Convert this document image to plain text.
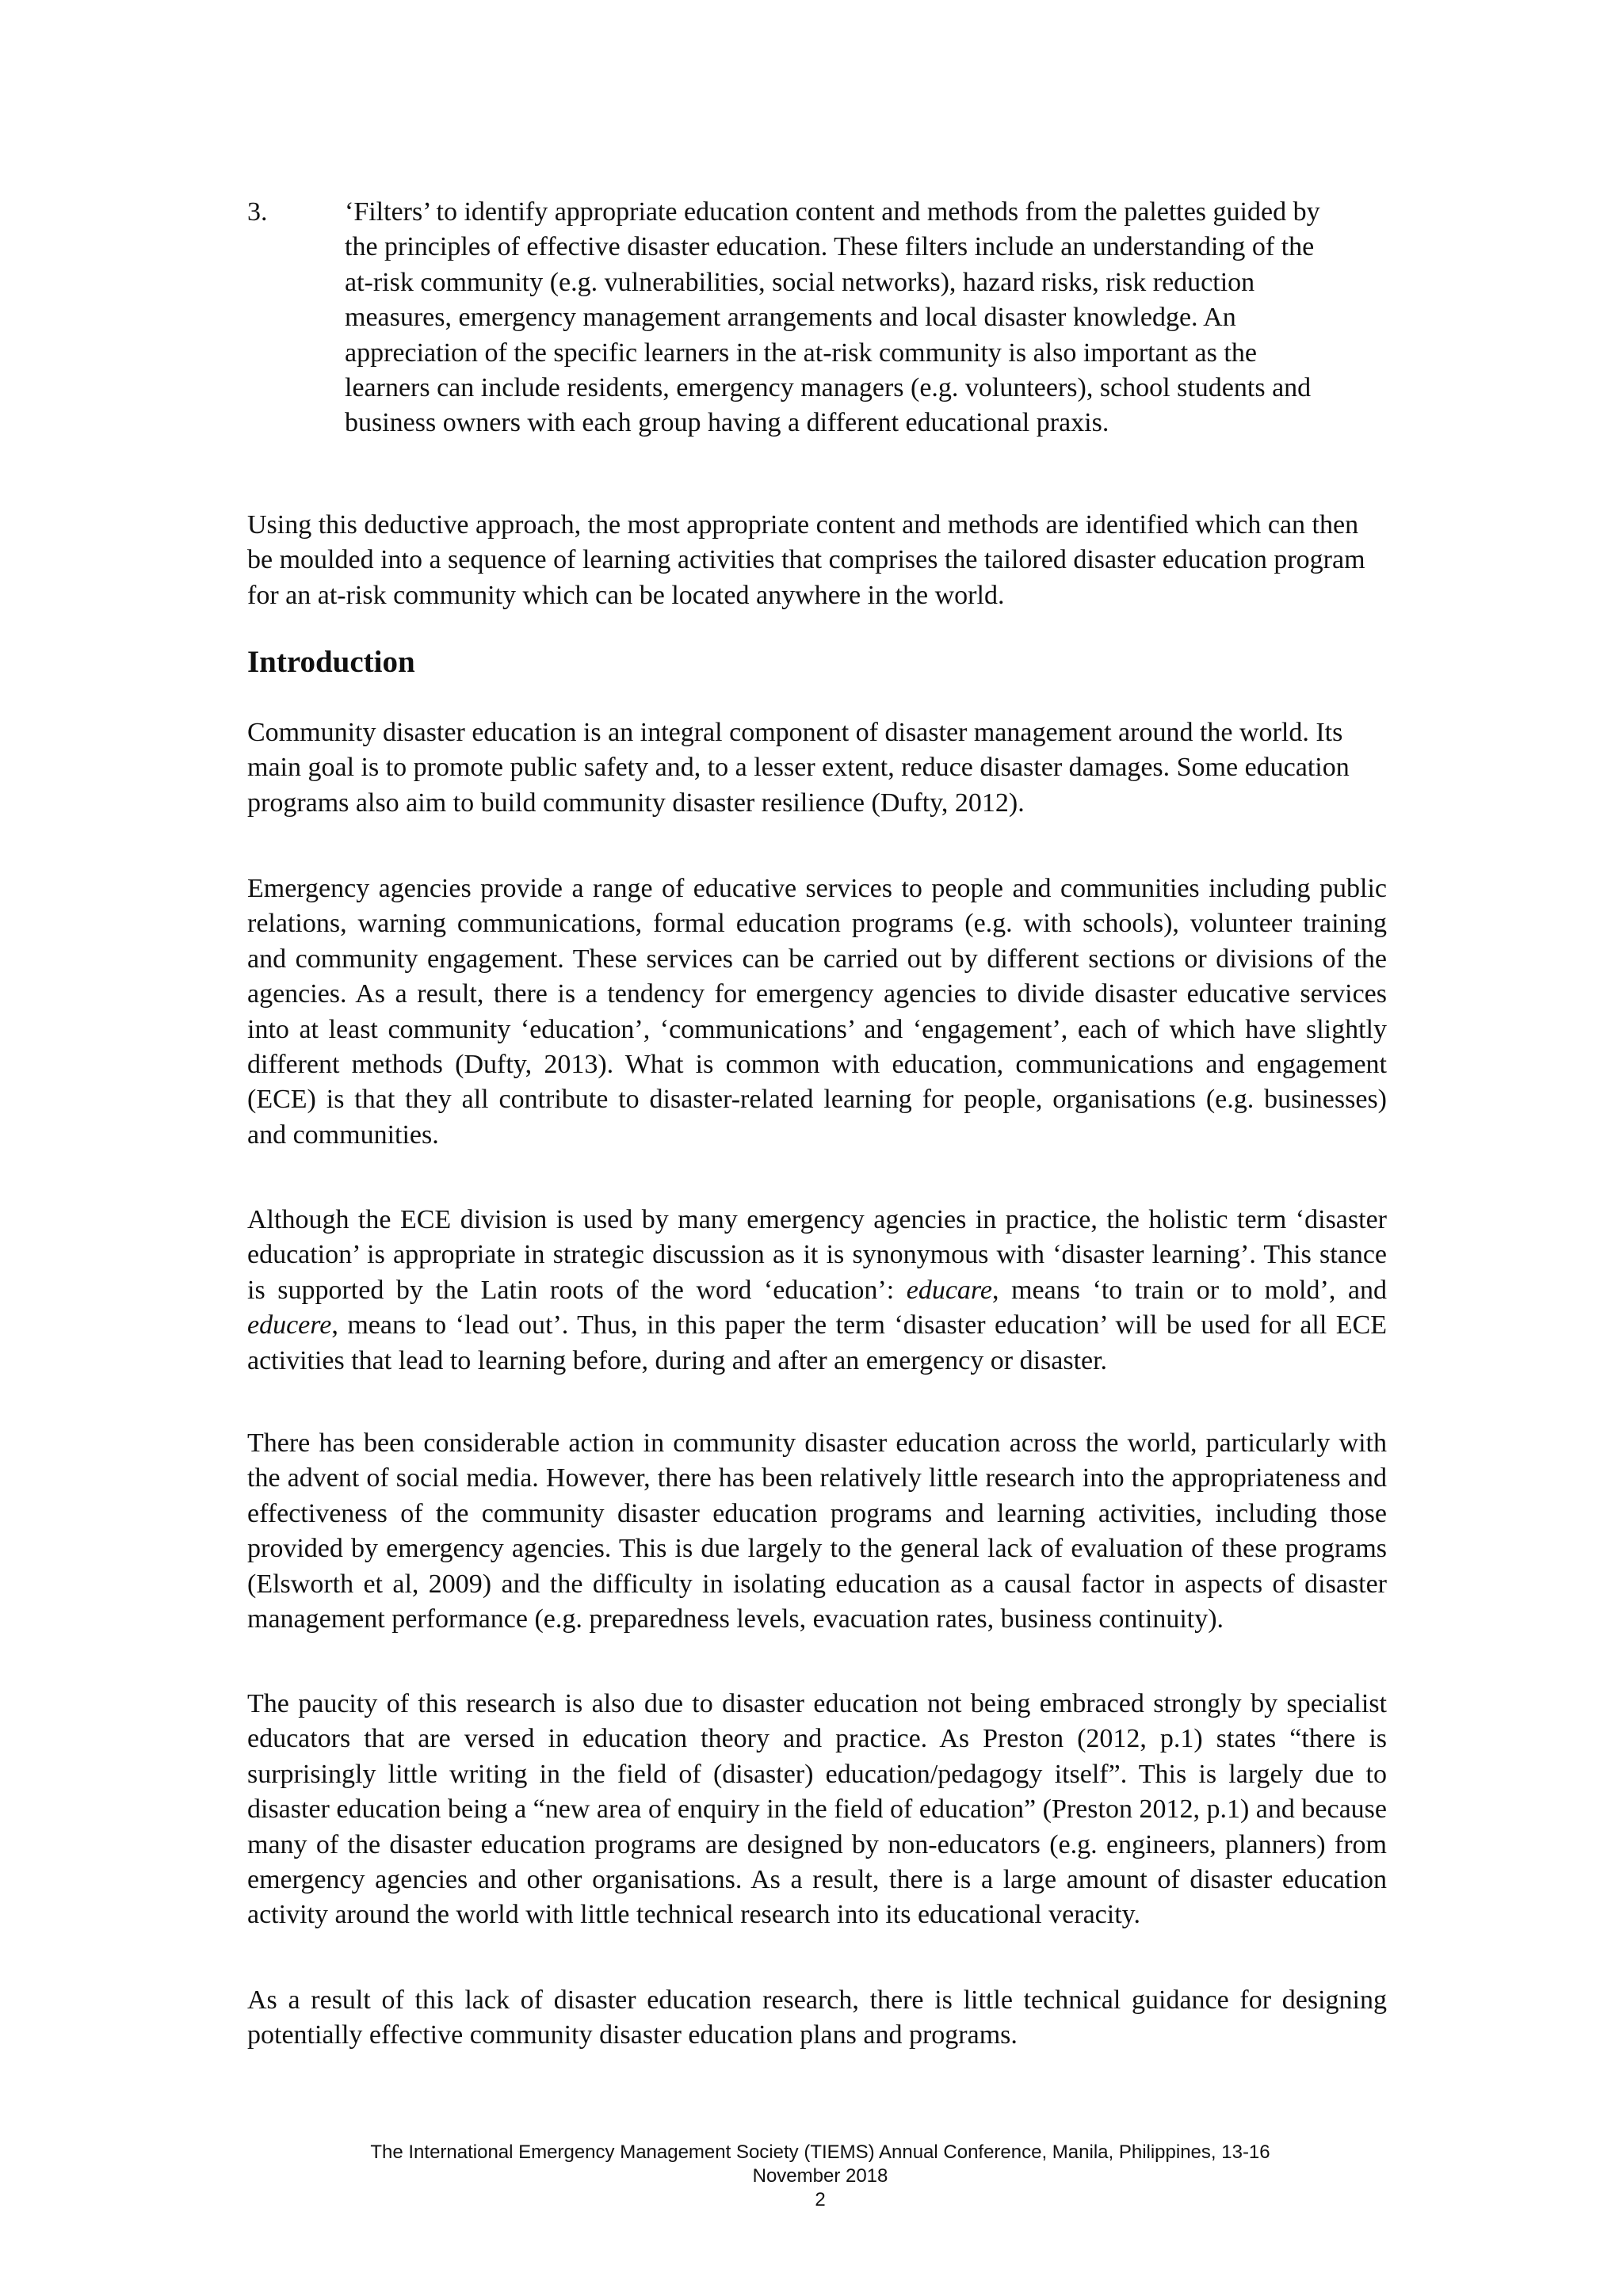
3.	‘Filters’ to identify appropriate education content and methods from the palettes guided by the principles of effective disaster education. These filters include an understanding of the at-risk community (e.g. vulnerabilities, social networks), hazard risks, risk reduction measures, emergency management arrangements and local disaster knowledge. An appreciation of the specific learners in the at-risk community is also important as the learners can include residents, emergency managers (e.g. volunteers), school students and business owners with each group having a different educational praxis.

Using this deductive approach, the most appropriate content and methods are identified which can then be moulded into a sequence of learning activities that comprises the tailored disaster education program for an at-risk community which can be located anywhere in the world.

Introduction

Community disaster education is an integral component of disaster management around the world. Its main goal is to promote public safety and, to a lesser extent, reduce disaster damages. Some education programs also aim to build community disaster resilience (Dufty, 2012).

Emergency agencies provide a range of educative services to people and communities including public relations, warning communications, formal education programs (e.g. with schools), volunteer training and community engagement. These services can be carried out by different sections or divisions of the agencies. As a result, there is a tendency for emergency agencies to divide disaster educative services into at least community ‘education’, ‘communications’ and ‘engagement’, each of which have slightly different methods (Dufty, 2013). What is common with education, communications and engagement (ECE) is that they all contribute to disaster-related learning for people, organisations (e.g. businesses) and communities.

Although the ECE division is used by many emergency agencies in practice, the holistic term ‘disaster education’ is appropriate in strategic discussion as it is synonymous with ‘disaster learning’. This stance is supported by the Latin roots of the word ‘education’: educare, means ‘to train or to mold’, and educere, means to ‘lead out’. Thus, in this paper the term ‘disaster education’ will be used for all ECE activities that lead to learning before, during and after an emergency or disaster.

There has been considerable action in community disaster education across the world, particularly with the advent of social media. However, there has been relatively little research into the appropriateness and effectiveness of the community disaster education programs and learning activities, including those provided by emergency agencies. This is due largely to the general lack of evaluation of these programs (Elsworth et al, 2009) and the difficulty in isolating education as a causal factor in aspects of disaster management performance (e.g. preparedness levels, evacuation rates, business continuity).

The paucity of this research is also due to disaster education not being embraced strongly by specialist educators that are versed in education theory and practice. As Preston (2012, p.1) states “there is surprisingly little writing in the field of (disaster) education/pedagogy itself”. This is largely due to disaster education being a “new area of enquiry in the field of education” (Preston 2012, p.1) and because many of the disaster education programs are designed by non-educators (e.g. engineers, planners) from emergency agencies and other organisations. As a result, there is a large amount of disaster education activity around the world with little technical research into its educational veracity.

As a result of this lack of disaster education research, there is little technical guidance for designing potentially effective community disaster education plans and programs.

The International Emergency Management Society (TIEMS) Annual Conference, Manila, Philippines, 13-16
November 2018
2
